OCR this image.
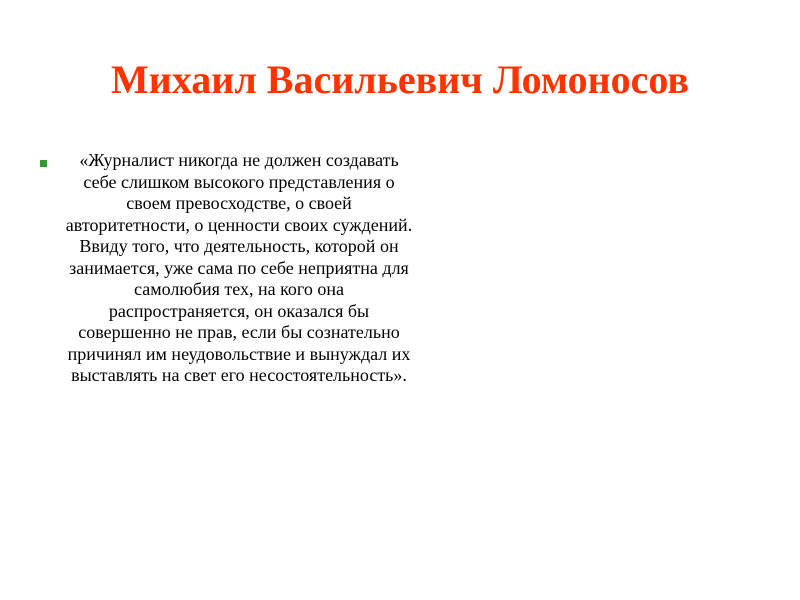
Михаил Васильевич Ломоносов
«Журналист никогда не должен создавать себе слишком высокого представления о своем превосходстве, о своей авторитетности, о ценности своих суждений. Ввиду того, что деятельность, которой он занимается, уже сама по себе неприятна для самолюбия тех, на кого она распространяется, он оказался бы совершенно не прав, если бы сознательно причинял им неудовольствие и вынуждал их выставлять на свет его несостоятельность».
